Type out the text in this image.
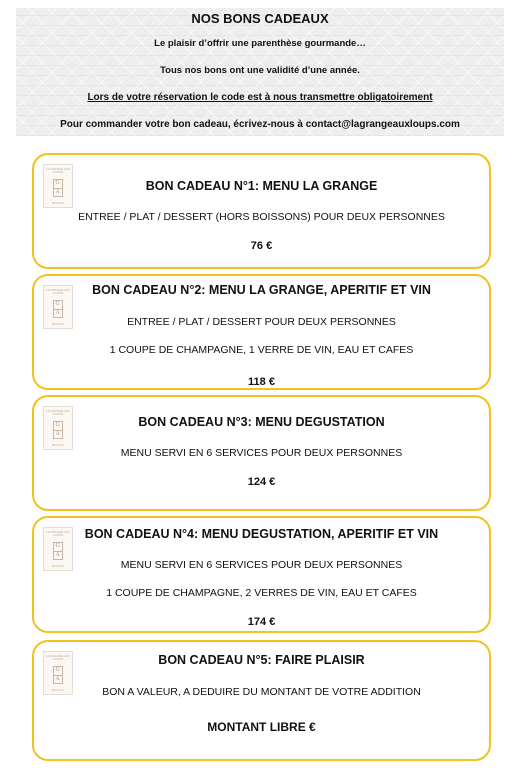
NOS BONS CADEAUX
Le plaisir d’offrir une parenthèse gourmande…
Tous nos bons ont une validité d’une année.
Lors de votre réservation le code est à nous transmettre obligatoirement
Pour commander votre bon cadeau, écrivez-nous à contact@lagrangeauxloups.com
LA GRANGE AUX LOUPS
G
A
BRASSAC
BON CADEAU N°1: MENU LA GRANGE
ENTREE / PLAT / DESSERT (HORS BOISSONS) POUR DEUX PERSONNES
76 €
LA GRANGE AUX LOUPS
G
A
BRASSAC
BON CADEAU N°2: MENU LA GRANGE, APERITIF ET VIN
ENTREE / PLAT / DESSERT POUR DEUX PERSONNES
1 COUPE DE CHAMPAGNE, 1 VERRE DE VIN, EAU ET CAFES
118 €
LA GRANGE AUX LOUPS
G
A
BRASSAC
BON CADEAU N°3: MENU DEGUSTATION
MENU SERVI EN 6 SERVICES POUR DEUX PERSONNES
124 €
LA GRANGE AUX LOUPS
G
A
BRASSAC
BON CADEAU N°4: MENU DEGUSTATION, APERITIF ET VIN
MENU SERVI EN 6 SERVICES POUR DEUX PERSONNES
1 COUPE DE CHAMPAGNE, 2 VERRES DE VIN, EAU ET CAFES
174 €
LA GRANGE AUX LOUPS
G
A
BRASSAC
BON CADEAU N°5: FAIRE PLAISIR
BON A VALEUR, A DEDUIRE DU MONTANT DE VOTRE ADDITION
MONTANT LIBRE €
